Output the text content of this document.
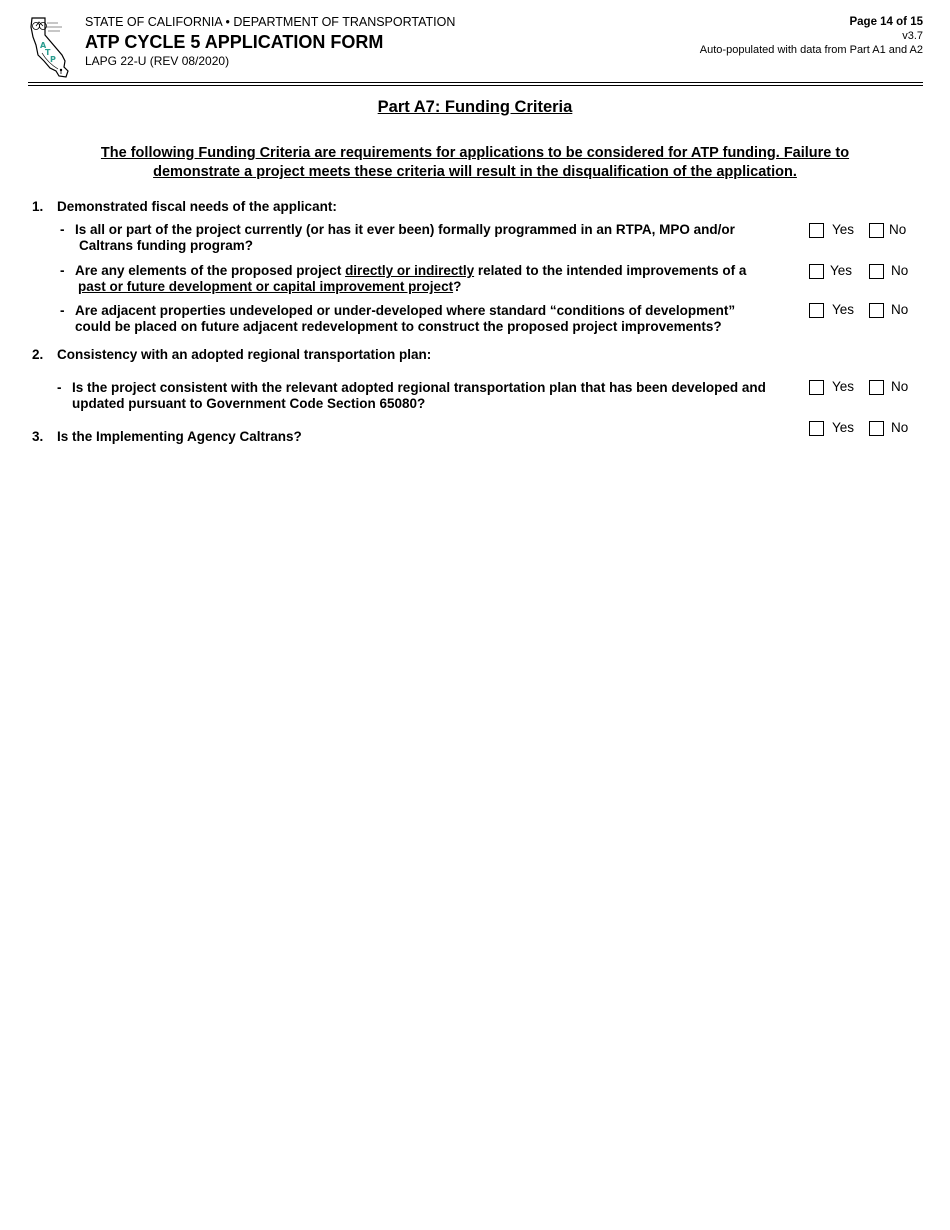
A
T
P
STATE OF CALIFORNIA • DEPARTMENT OF TRANSPORTATION
ATP CYCLE 5 APPLICATION FORM
LAPG 22-U (REV 08/2020)
Page 14 of 15
v3.7
Auto-populated with data from Part A1 and A2
Part A7: Funding Criteria
The following Funding Criteria are requirements for applications to be considered for ATP funding. Failure to
demonstrate a project meets these criteria will result in the disqualification of the application.
1. Demonstrated fiscal needs of the applicant:
- Is all or part of the project currently (or has it ever been) formally programmed in an RTPA, MPO and/or
Caltrans funding program?
Yes	No
- Are any elements of the proposed project directly or indirectly related to the intended improvements of a
past or future development or capital improvement project?
Yes	No
- Are adjacent properties undeveloped or under-developed where standard “conditions of development”
could be placed on future adjacent redevelopment to construct the proposed project improvements?
Yes	No
2. Consistency with an adopted regional transportation plan:
- Is the project consistent with the relevant adopted regional transportation plan that has been developed and
updated pursuant to Government Code Section 65080?
Yes	No
3. Is the Implementing Agency Caltrans?
Yes	No
